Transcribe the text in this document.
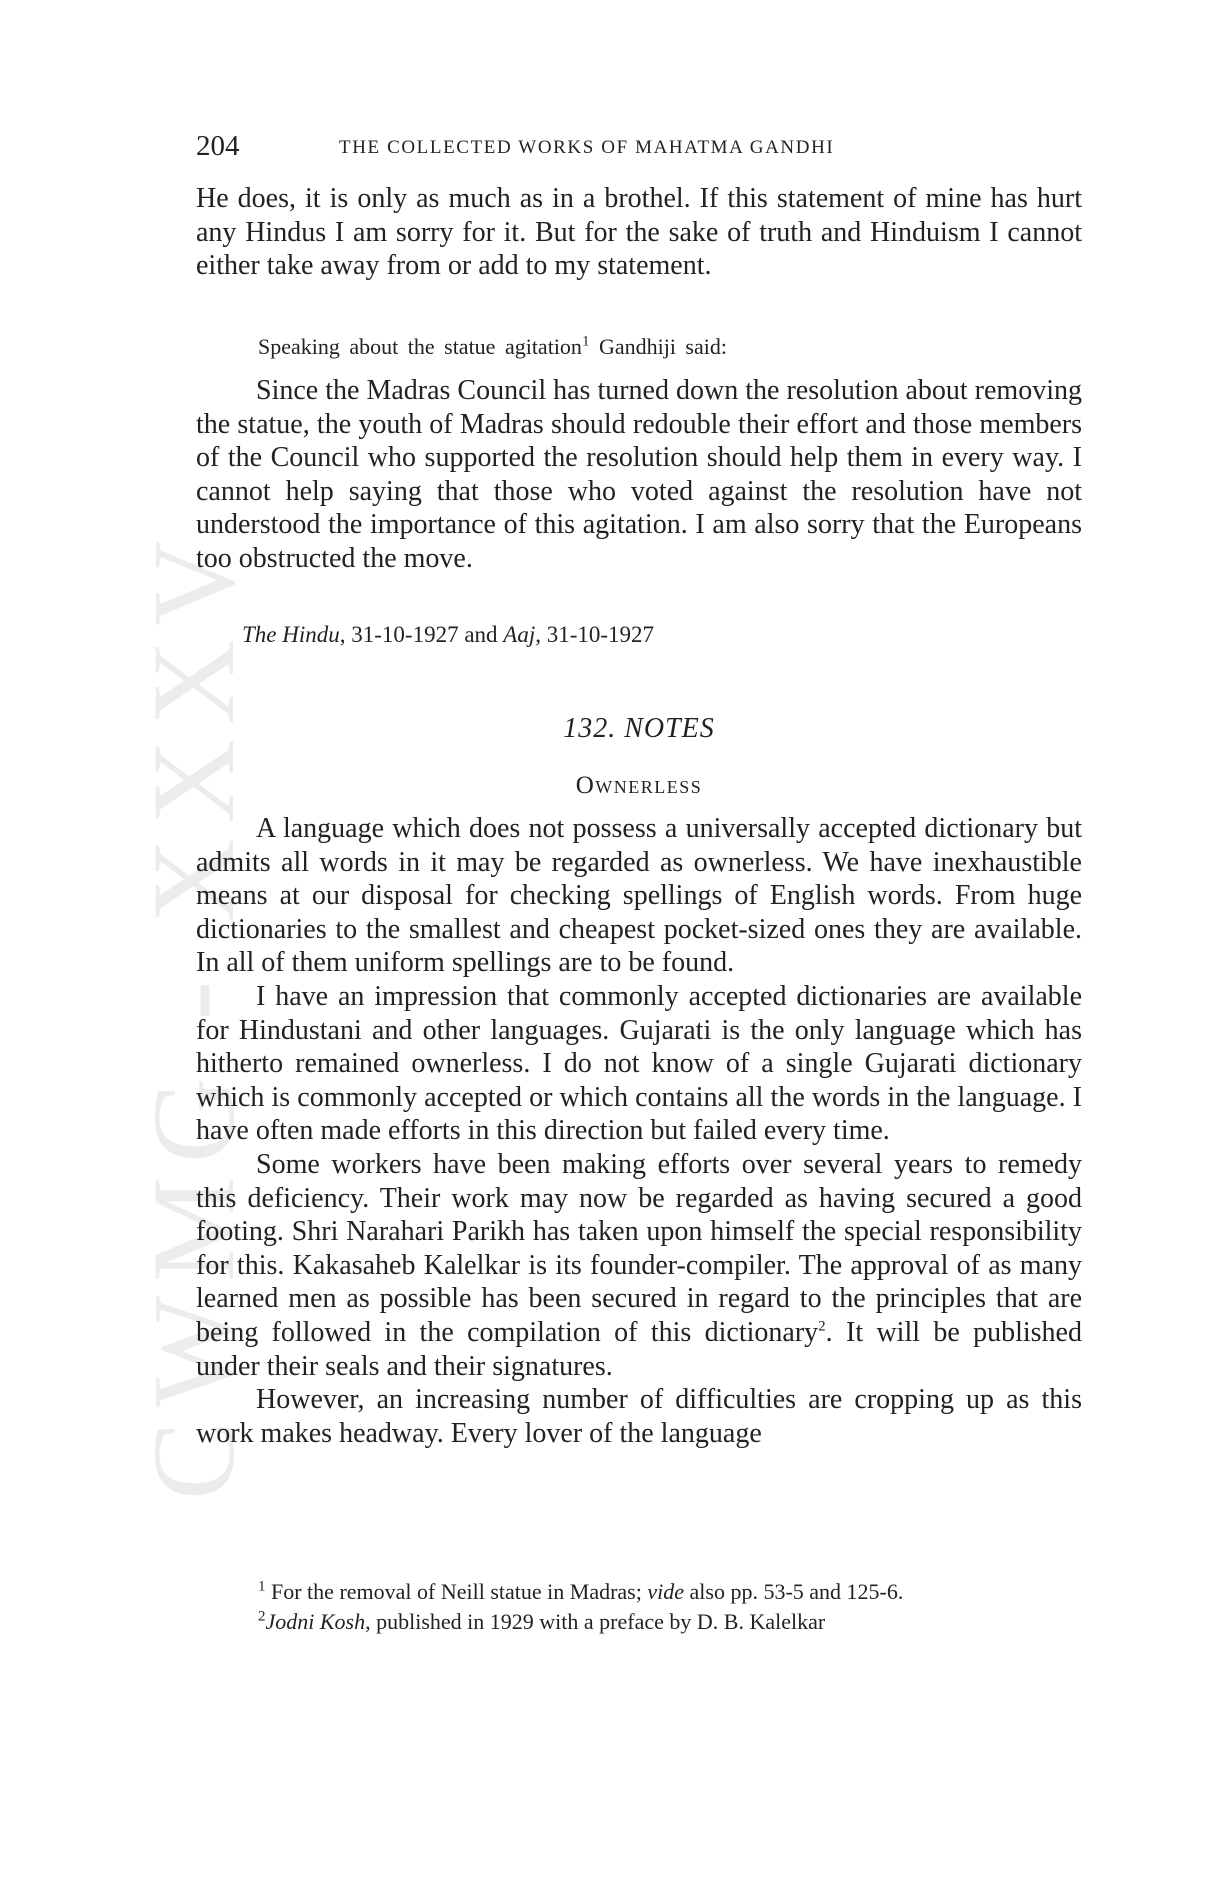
CWMG - XXXV
204	THE COLLECTED WORKS OF MAHATMA GANDHI

He does, it is only as much as in a brothel. If this statement of mine has hurt any Hindus I am sorry for it. But for the sake of truth and Hinduism I cannot either take away from or add to my statement.

Speaking about the statue agitation$^1$ Gandhiji said:

Since the Madras Council has turned down the resolution about removing the statue, the youth of Madras should redouble their effort and those members of the Council who supported the resolution should help them in every way. I cannot help saying that those who voted against the resolution have not understood the importance of this agitation. I am also sorry that the Europeans too obstructed the move.

The Hindu, 31-10-1927 and Aaj, 31-10-1927
132. NOTES
Ownerless

A language which does not possess a universally accepted dictionary but admits all words in it may be regarded as ownerless. We have inexhaustible means at our disposal for checking spellings of English words. From huge dictionaries to the smallest and cheapest pocket-sized ones they are available. In all of them uniform spellings are to be found.

I have an impression that commonly accepted dictionaries are available for Hindustani and other languages. Gujarati is the only language which has hitherto remained ownerless. I do not know of a single Gujarati dictionary which is commonly accepted or which contains all the words in the language. I have often made efforts in this direction but failed every time.

Some workers have been making efforts over several years to remedy this deficiency. Their work may now be regarded as having secured a good footing. Shri Narahari Parikh has taken upon himself the special responsibility for this. Kakasaheb Kalelkar is its founder-compiler. The approval of as many learned men as possible has been secured in regard to the principles that are being followed in the compilation of this dictionary$^2$. It will be published under their seals and their signatures.

However, an increasing number of difficulties are cropping up as this work makes headway. Every lover of the language

$^1$ For the removal of Neill statue in Madras; vide also pp. 53-5 and 125-6.
$^2$Jodni Kosh, published in 1929 with a preface by D. B. Kalelkar
